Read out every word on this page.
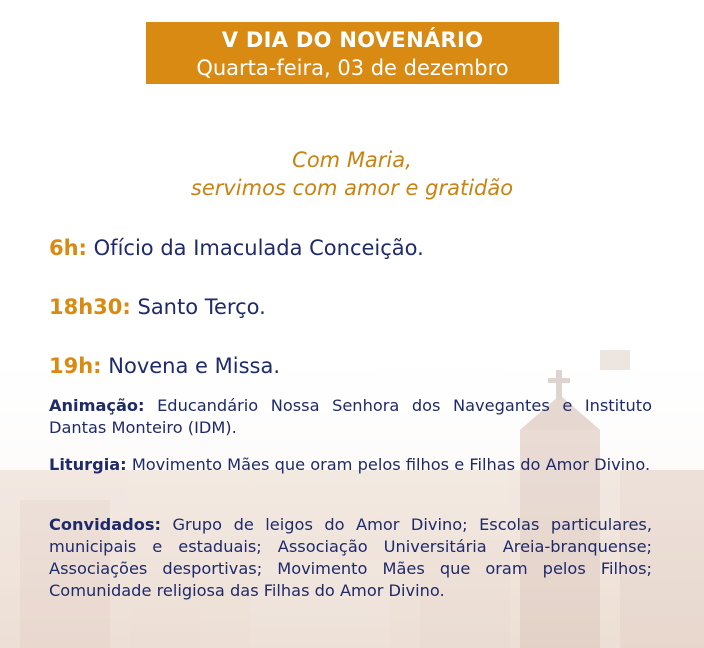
V DIA DO NOVENÁRIO
Quarta-feira, 03 de dezembro
Com Maria,
servimos com amor e gratidão
6h: Ofício da Imaculada Conceição.
18h30: Santo Terço.
19h: Novena e Missa.
Animação: Educandário Nossa Senhora dos Navegantes e Instituto Dantas Monteiro (IDM).
Liturgia: Movimento Mães que oram pelos filhos e Filhas do Amor Divino.
Convidados: Grupo de leigos do Amor Divino; Escolas particulares, municipais e estaduais; Associação Universitária Areia-branquense; Associações desportivas; Movimento Mães que oram pelos Filhos; Comunidade religiosa das Filhas do Amor Divino.
